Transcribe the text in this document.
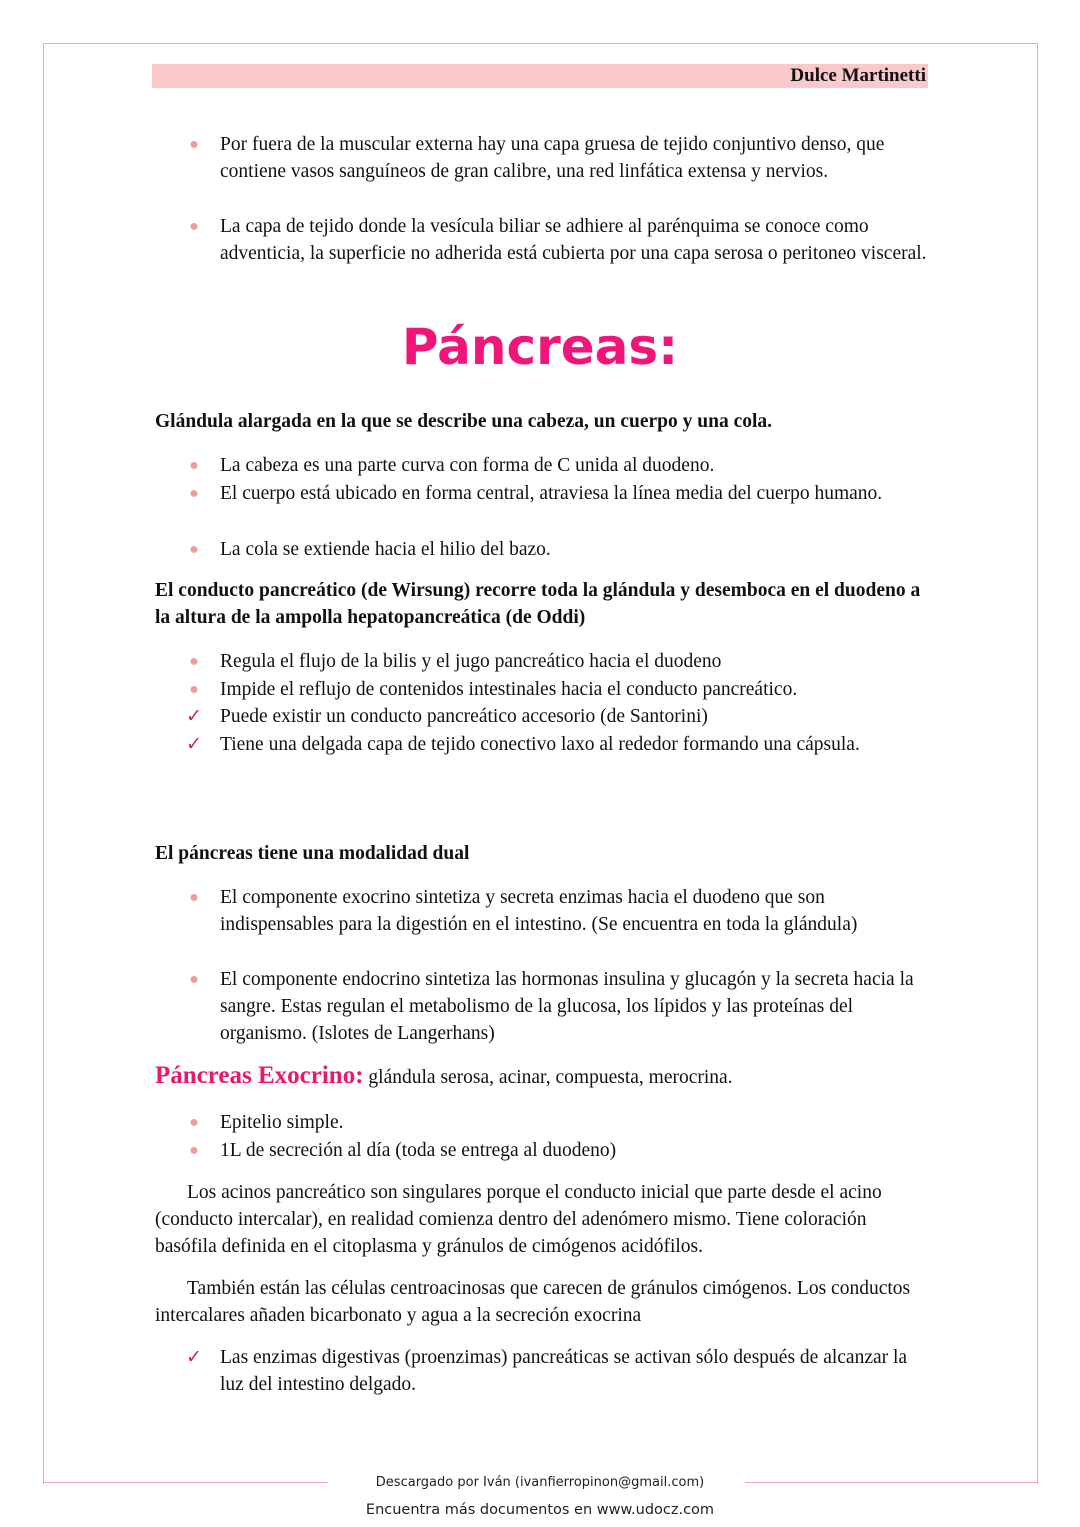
Dulce Martinetti
● Por fuera de la muscular externa hay una capa gruesa de tejido conjuntivo denso, que contiene vasos sanguíneos de gran calibre, una red linfática extensa y nervios.
● La capa de tejido donde la vesícula biliar se adhiere al parénquima se conoce como adventicia, la superficie no adherida está cubierta por una capa serosa o peritoneo visceral.
Páncreas:
Glándula alargada en la que se describe una cabeza, un cuerpo y una cola.
● La cabeza es una parte curva con forma de C unida al duodeno.
● El cuerpo está ubicado en forma central, atraviesa la línea media del cuerpo humano.
● La cola se extiende hacia el hilio del bazo.
El conducto pancreático (de Wirsung) recorre toda la glándula y desemboca en el duodeno a la altura de la ampolla hepatopancreática (de Oddi)
● Regula el flujo de la bilis y el jugo pancreático hacia el duodeno
● Impide el reflujo de contenidos intestinales hacia el conducto pancreático.
✓ Puede existir un conducto pancreático accesorio (de Santorini)
✓ Tiene una delgada capa de tejido conectivo laxo al rededor formando una cápsula.
El páncreas tiene una modalidad dual
● El componente exocrino sintetiza y secreta enzimas hacia el duodeno que son indispensables para la digestión en el intestino. (Se encuentra en toda la glándula)
● El componente endocrino sintetiza las hormonas insulina y glucagón y la secreta hacia la sangre. Estas regulan el metabolismo de la glucosa, los lípidos y las proteínas del organismo. (Islotes de Langerhans)
Páncreas Exocrino: glándula serosa, acinar, compuesta, merocrina.
● Epitelio simple.
● 1L de secreción al día (toda se entrega al duodeno)
Los acinos pancreático son singulares porque el conducto inicial que parte desde el acino (conducto intercalar), en realidad comienza dentro del adenómero mismo. Tiene coloración basófila definida en el citoplasma y gránulos de cimógenos acidófilos.
También están las células centroacinosas que carecen de gránulos cimógenos. Los conductos intercalares añaden bicarbonato y agua a la secreción exocrina
✓ Las enzimas digestivas (proenzimas) pancreáticas se activan sólo después de alcanzar la luz del intestino delgado.
Descargado por Iván (ivanfierropinon@gmail.com)
Encuentra más documentos en www.udocz.com
